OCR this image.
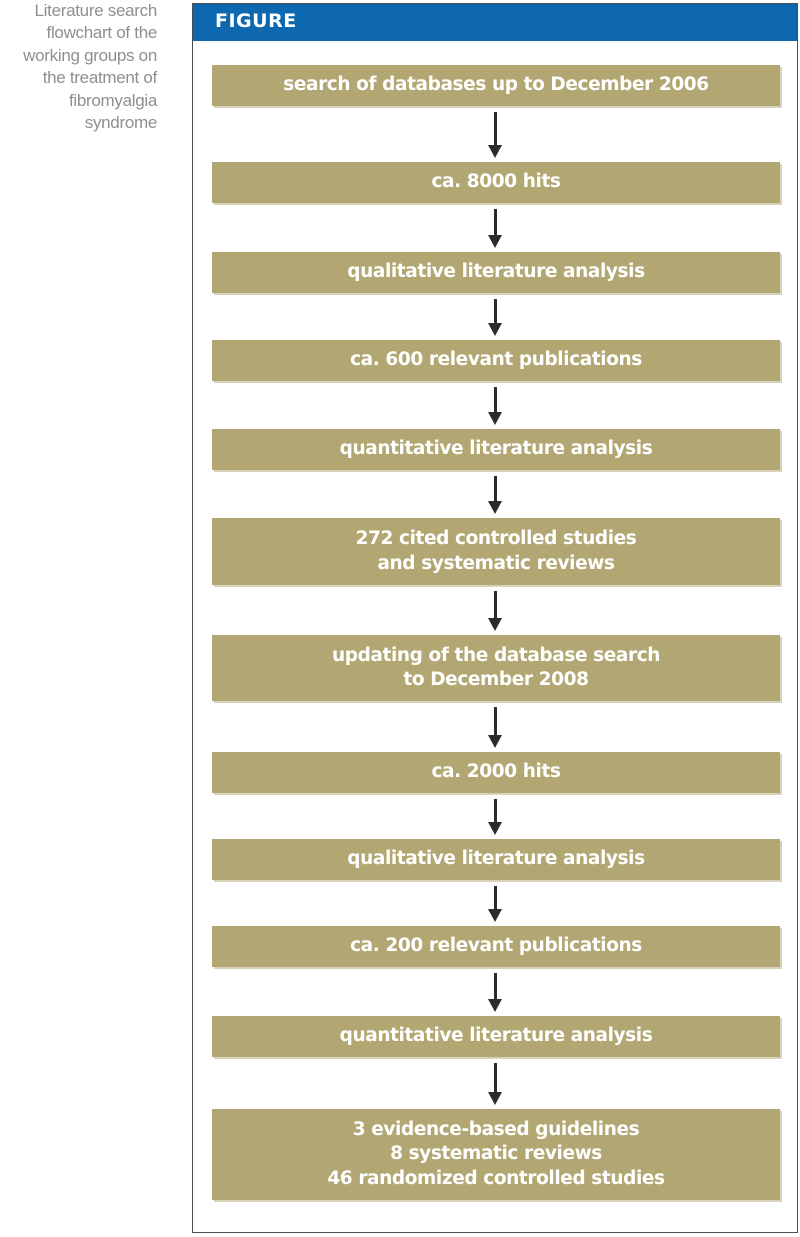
Literature search
flowchart of the
working groups on
the treatment of
fibromyalgia
syndrome
FIGURE
search of databases up to December 2006
ca. 8000 hits
qualitative literature analysis
ca. 600 relevant publications
quantitative literature analysis
272 cited controlled studies
and systematic reviews
updating of the database search
to December 2008
ca. 2000 hits
qualitative literature analysis
ca. 200 relevant publications
quantitative literature analysis
3 evidence-based guidelines
8 systematic reviews
46 randomized controlled studies
